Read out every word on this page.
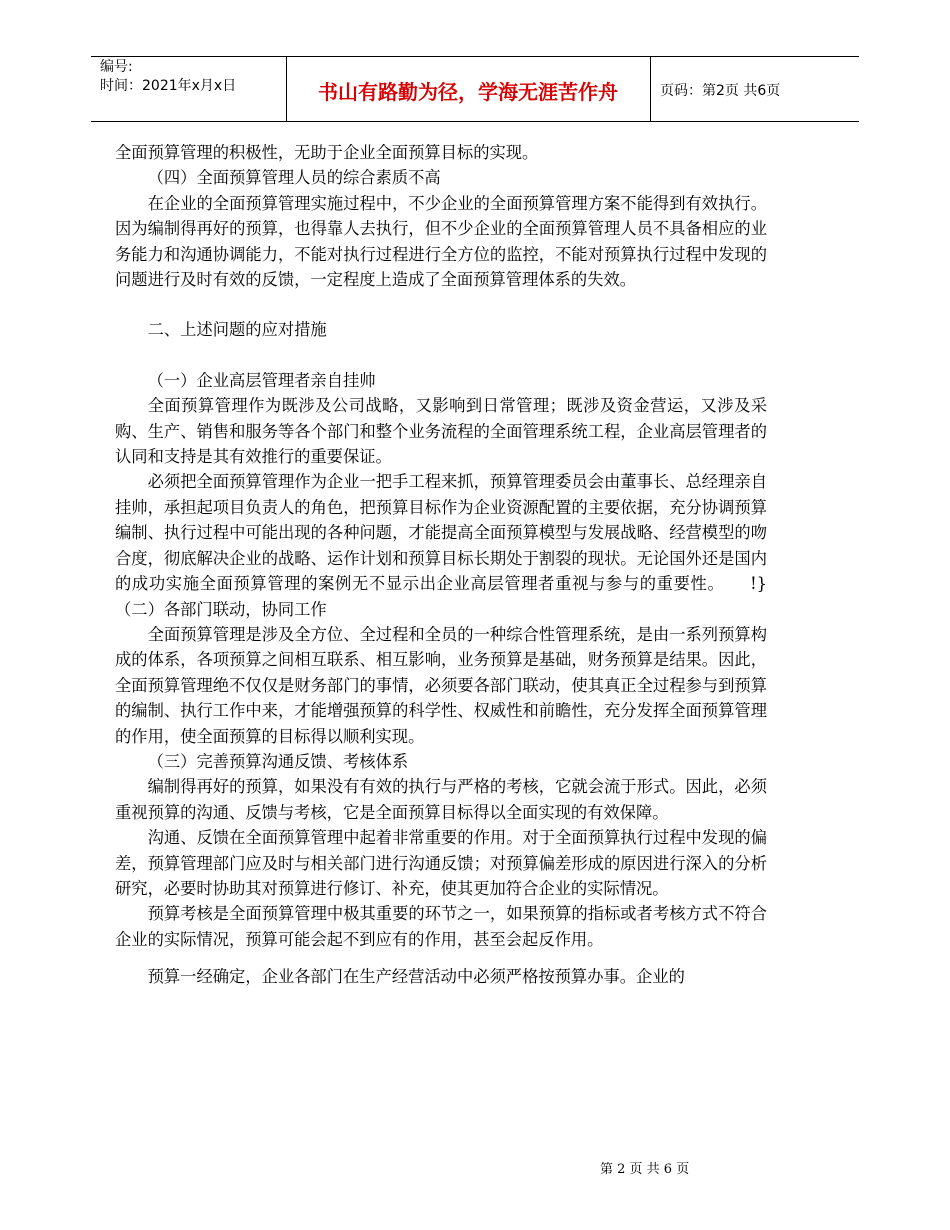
编号:
时间：2021年x月x日	书山有路勤为径，学海无涯苦作舟	页码：第2页 共6页

全面预算管理的积极性，无助于企业全面预算目标的实现。

（四）全面预算管理人员的综合素质不高

在企业的全面预算管理实施过程中，不少企业的全面预算管理方案不能得到有效执行。因为编制得再好的预算，也得靠人去执行，但不少企业的全面预算管理人员不具备相应的业务能力和沟通协调能力，不能对执行过程进行全方位的监控，不能对预算执行过程中发现的问题进行及时有效的反馈，一定程度上造成了全面预算管理体系的失效。

二、上述问题的应对措施

（一）企业高层管理者亲自挂帅

全面预算管理作为既涉及公司战略，又影响到日常管理；既涉及资金营运，又涉及采购、生产、销售和服务等各个部门和整个业务流程的全面管理系统工程，企业高层管理者的认同和支持是其有效推行的重要保证。

必须把全面预算管理作为企业一把手工程来抓，预算管理委员会由董事长、总经理亲自挂帅，承担起项目负责人的角色，把预算目标作为企业资源配置的主要依据，充分协调预算编制、执行过程中可能出现的各种问题，才能提高全面预算模型与发展战略、经营模型的吻合度，彻底解决企业的战略、运作计划和预算目标长期处于割裂的现状。无论国外还是国内的成功实施全面预算管理的案例无不显示出企业高层管理者重视与参与的重要性。　　!}（二）各部门联动，协同工作

全面预算管理是涉及全方位、全过程和全员的一种综合性管理系统，是由一系列预算构成的体系，各项预算之间相互联系、相互影响，业务预算是基础，财务预算是结果。因此，全面预算管理绝不仅仅是财务部门的事情，必须要各部门联动，使其真正全过程参与到预算的编制、执行工作中来，才能增强预算的科学性、权威性和前瞻性，充分发挥全面预算管理的作用，使全面预算的目标得以顺利实现。

（三）完善预算沟通反馈、考核体系

编制得再好的预算，如果没有有效的执行与严格的考核，它就会流于形式。因此，必须重视预算的沟通、反馈与考核，它是全面预算目标得以全面实现的有效保障。

沟通、反馈在全面预算管理中起着非常重要的作用。对于全面预算执行过程中发现的偏差，预算管理部门应及时与相关部门进行沟通反馈；对预算偏差形成的原因进行深入的分析研究，必要时协助其对预算进行修订、补充，使其更加符合企业的实际情况。

预算考核是全面预算管理中极其重要的环节之一，如果预算的指标或者考核方式不符合企业的实际情况，预算可能会起不到应有的作用，甚至会起反作用。

预算一经确定，企业各部门在生产经营活动中必须严格按预算办事。企业的

第 2 页 共 6 页
